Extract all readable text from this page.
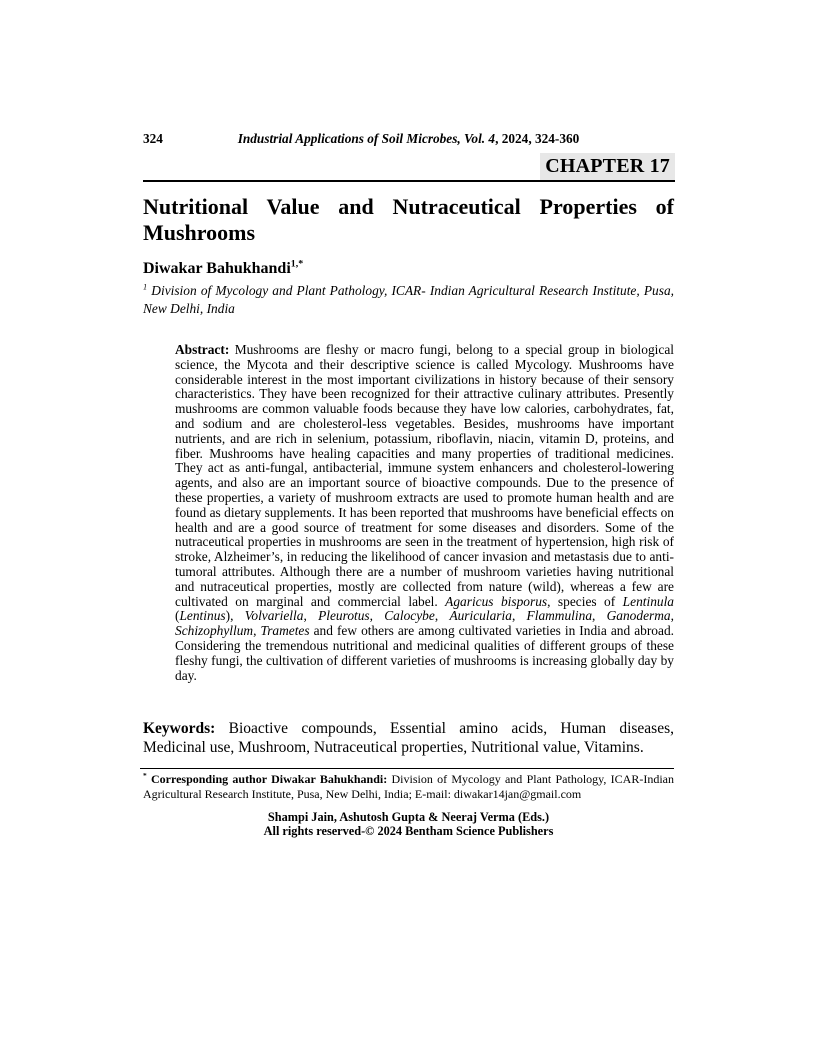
324	Industrial Applications of Soil Microbes, Vol. 4, 2024, 324-360
CHAPTER 17
Nutritional Value and Nutraceutical Properties of Mushrooms
Diwakar Bahukhandi$^{1,*}$
$^1$ Division of Mycology and Plant Pathology, ICAR- Indian Agricultural Research Institute, Pusa, New Delhi, India
Abstract: Mushrooms are fleshy or macro fungi, belong to a special group in biological science, the Mycota and their descriptive science is called Mycology. Mushrooms have considerable interest in the most important civilizations in history because of their sensory characteristics. They have been recognized for their attractive culinary attributes. Presently mushrooms are common valuable foods because they have low calories, carbohydrates, fat, and sodium and are cholesterol-less vegetables. Besides, mushrooms have important nutrients, and are rich in selenium, potassium, riboflavin, niacin, vitamin D, proteins, and fiber. Mushrooms have healing capacities and many properties of traditional medicines. They act as anti-fungal, antibacterial, immune system enhancers and cholesterol-lowering agents, and also are an important source of bioactive compounds. Due to the presence of these properties, a variety of mushroom extracts are used to promote human health and are found as dietary supplements. It has been reported that mushrooms have beneficial effects on health and are a good source of treatment for some diseases and disorders. Some of the nutraceutical properties in mushrooms are seen in the treatment of hypertension, high risk of stroke, Alzheimer’s, in reducing the likelihood of cancer invasion and metastasis due to anti-tumoral attributes. Although there are a number of mushroom varieties having nutritional and nutraceutical properties, mostly are collected from nature (wild), whereas a few are cultivated on marginal and commercial label. Agaricus bisporus, species of Lentinula (Lentinus), Volvariella, Pleurotus, Calocybe, Auricularia, Flammulina, Ganoderma, Schizophyllum, Trametes and few others are among cultivated varieties in India and abroad. Considering the tremendous nutritional and medicinal qualities of different groups of these fleshy fungi, the cultivation of different varieties of mushrooms is increasing globally day by day.
Keywords: Bioactive compounds, Essential amino acids, Human diseases, Medicinal use, Mushroom, Nutraceutical properties, Nutritional value, Vitamins.
* Corresponding author Diwakar Bahukhandi: Division of Mycology and Plant Pathology, ICAR-Indian Agricultural Research Institute, Pusa, New Delhi, India; E-mail: diwakar14jan@gmail.com
Shampi Jain, Ashutosh Gupta & Neeraj Verma (Eds.)
All rights reserved-© 2024 Bentham Science Publishers
